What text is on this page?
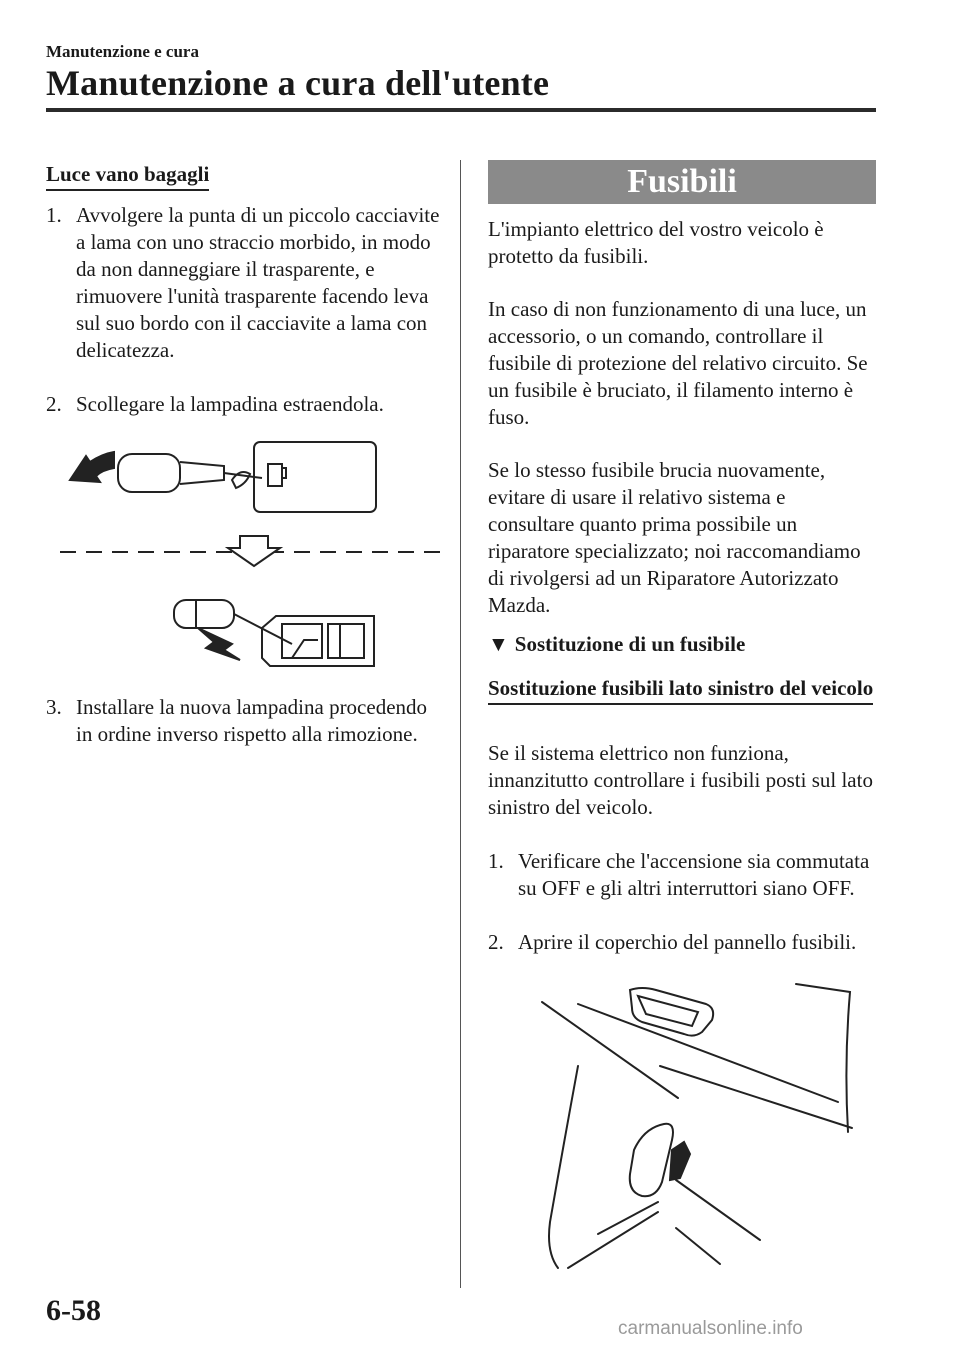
Manutenzione e cura
Manutenzione a cura dell'utente
Luce vano bagagli
1. Avvolgere la punta di un piccolo cacciavite a lama con uno straccio morbido, in modo da non danneggiare il trasparente, e rimuovere l'unità trasparente facendo leva sul suo bordo con il cacciavite a lama con delicatezza.
2. Scollegare la lampadina estraendola.
3. Installare la nuova lampadina procedendo in ordine inverso rispetto alla rimozione.
Fusibili
L'impianto elettrico del vostro veicolo è protetto da fusibili.
In caso di non funzionamento di una luce, un accessorio, o un comando, controllare il fusibile di protezione del relativo circuito. Se un fusibile è bruciato, il filamento interno è fuso.
Se lo stesso fusibile brucia nuovamente, evitare di usare il relativo sistema e consultare quanto prima possibile un riparatore specializzato; noi raccomandiamo di rivolgersi ad un Riparatore Autorizzato Mazda.
▼ Sostituzione di un fusibile
Sostituzione fusibili lato sinistro del veicolo
Se il sistema elettrico non funziona, innanzitutto controllare i fusibili posti sul lato sinistro del veicolo.
1. Verificare che l'accensione sia commutata su OFF e gli altri interruttori siano OFF.
2. Aprire il coperchio del pannello fusibili.
6-58
carmanualsonline.info
